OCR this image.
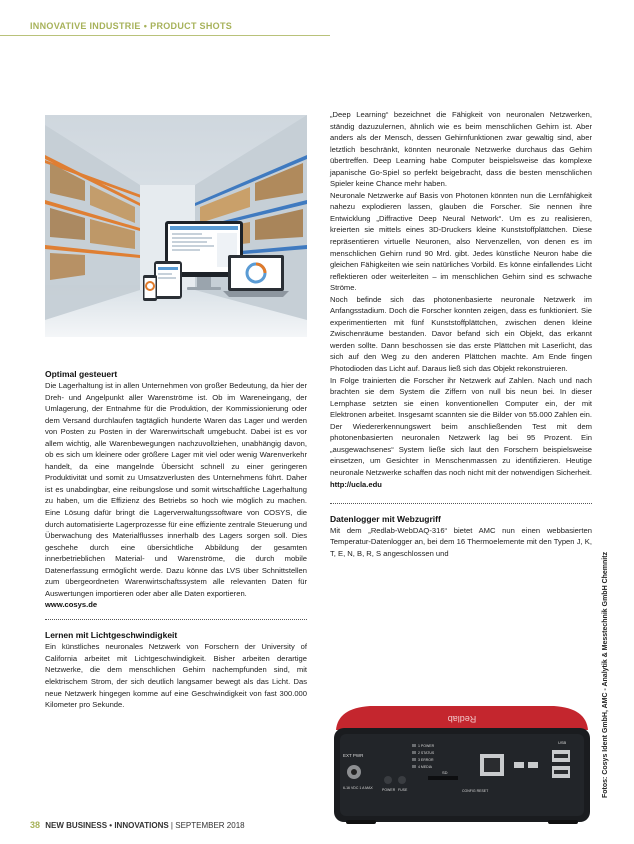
INNOVATIVE INDUSTRIE • PRODUCT SHOTS
Optimal gesteuert

Die Lagerhaltung ist in allen Unternehmen von großer Bedeutung, da hier der Dreh- und Angelpunkt aller Warenströme ist. Ob im Wareneingang, der Umlagerung, der Entnahme für die Produktion, der Kommissionierung oder dem Versand durchlaufen tagtäglich hunderte Waren das Lager und werden von Posten zu Posten in der Warenwirtschaft umgebucht. Dabei ist es vor allem wichtig, alle Warenbewegungen nachzuvollziehen, unabhängig davon, ob es sich um kleinere oder größere Lager mit viel oder wenig Warenverkehr handelt, da eine mangelnde Übersicht schnell zu einer geringeren Produktivität und somit zu Umsatzverlusten des Unternehmens führt. Daher ist es unabdingbar, eine reibungslose und somit wirtschaftliche Lagerhaltung zu haben, um die Effizienz des Betriebs so hoch wie möglich zu machen. Eine Lösung dafür bringt die Lagerverwaltungssoftware von COSYS, die durch automatisierte Lagerprozesse für eine effiziente zentrale Steuerung und Überwachung des Materialflusses innerhalb des Lagers sorgen soll. Dies geschehe durch eine übersichtliche Abbildung der gesamten innerbetrieblichen Material- und Warenströme, die durch mobile Datenerfassung ermöglicht werde. Dazu könne das LVS über Schnittstellen zum übergeordneten Warenwirtschaftssystem alle relevanten Daten für Auswertungen importieren oder aber alle Daten exportieren.

www.cosys.de
Lernen mit Lichtgeschwindigkeit

Ein künstliches neuronales Netzwerk von Forschern der University of California arbeitet mit Lichtgeschwindigkeit. Bisher arbeiten derartige Netzwerke, die dem menschlichen Gehirn nachempfunden sind, mit elektrischem Strom, der sich deutlich langsamer bewegt als das Licht. Das neue Netzwerk hingegen komme auf eine Geschwindigkeit von fast 300.000 Kilometer pro Sekunde.

„Deep Learning“ bezeichnet die Fähigkeit von neuronalen Netzwerken, ständig dazuzulernen, ähnlich wie es beim menschlichen Gehirn ist. Aber anders als der Mensch, dessen Gehirnfunktionen zwar gewaltig sind, aber letztlich beschränkt, könnten neuronale Netzwerke durchaus das Gehirn übertreffen. Deep Learning habe Computer beispielsweise das komplexe japanische Go-Spiel so perfekt beigebracht, dass die besten menschlichen Spieler keine Chance mehr haben.

Neuronale Netzwerke auf Basis von Photonen könnten nun die Lernfähigkeit nahezu explodieren lassen, glauben die Forscher. Sie nennen ihre Entwicklung „Diffractive Deep Neural Network“. Um es zu realisieren, kreierten sie mittels eines 3D-Druckers kleine Kunststoffplättchen. Diese repräsentieren virtuelle Neuronen, also Nervenzellen, von denen es im menschlichen Gehirn rund 90 Mrd. gibt. Jedes künstliche Neuron habe die gleichen Fähigkeiten wie sein natürliches Vorbild. Es könne einfallendes Licht reflektieren oder weiterleiten – im menschlichen Gehirn sind es schwache Ströme.

Noch befinde sich das photonenbasierte neuronale Netzwerk im Anfangsstadium. Doch die Forscher konnten zeigen, dass es funktioniert. Sie experimentierten mit fünf Kunststoffplättchen, zwischen denen kleine Zwischenräume bestanden. Davor befand sich ein Objekt, das erkannt werden sollte. Dann beschossen sie das erste Plättchen mit Laserlicht, das sich auf den Weg zu den anderen Plättchen machte. Am Ende fingen Photodioden das Licht auf. Daraus ließ sich das Objekt rekonstruieren.

In Folge trainierten die Forscher ihr Netzwerk auf Zahlen. Nach und nach brachten sie dem System die Ziffern von null bis neun bei. In dieser Lernphase setzten sie einen konventionellen Computer ein, der mit Elektronen arbeitet. Insgesamt scannten sie die Bilder von 55.000 Zahlen ein. Der Wiedererkennungswert beim anschließenden Test mit dem photonenbasierten neuronalen Netzwerk lag bei 95 Prozent. Ein „ausgewachsenes“ System ließe sich laut den Forschern beispielsweise einsetzen, um Gesichter in Menschenmassen zu identifizieren. Heutige neuronale Netzwerke schaffen das noch nicht mit der notwendigen Sicherheit.

http://ucla.edu
Datenlogger mit Webzugriff

Mit dem „Redlab-WebDAQ-316“ bietet AMC nun einen webbasierten Temperatur-Datenlogger an, bei dem 16 Thermoelemente mit den Typen J, K, T, E, N, B, R, S angeschlossen und

Redlab
EXT PWR
6-16 VDC 1 A MAX	POWER FUSE
1 POWER
2 STATUS
3 ERROR
4 MEDIA
SD
CONFIG RESET
USB	Fotos: Cosys Ident GmbH, AMC - Analytik & Messtechnik GmbH Chemnitz
38 NEW BUSINESS • INNOVATIONS | SEPTEMBER 2018
